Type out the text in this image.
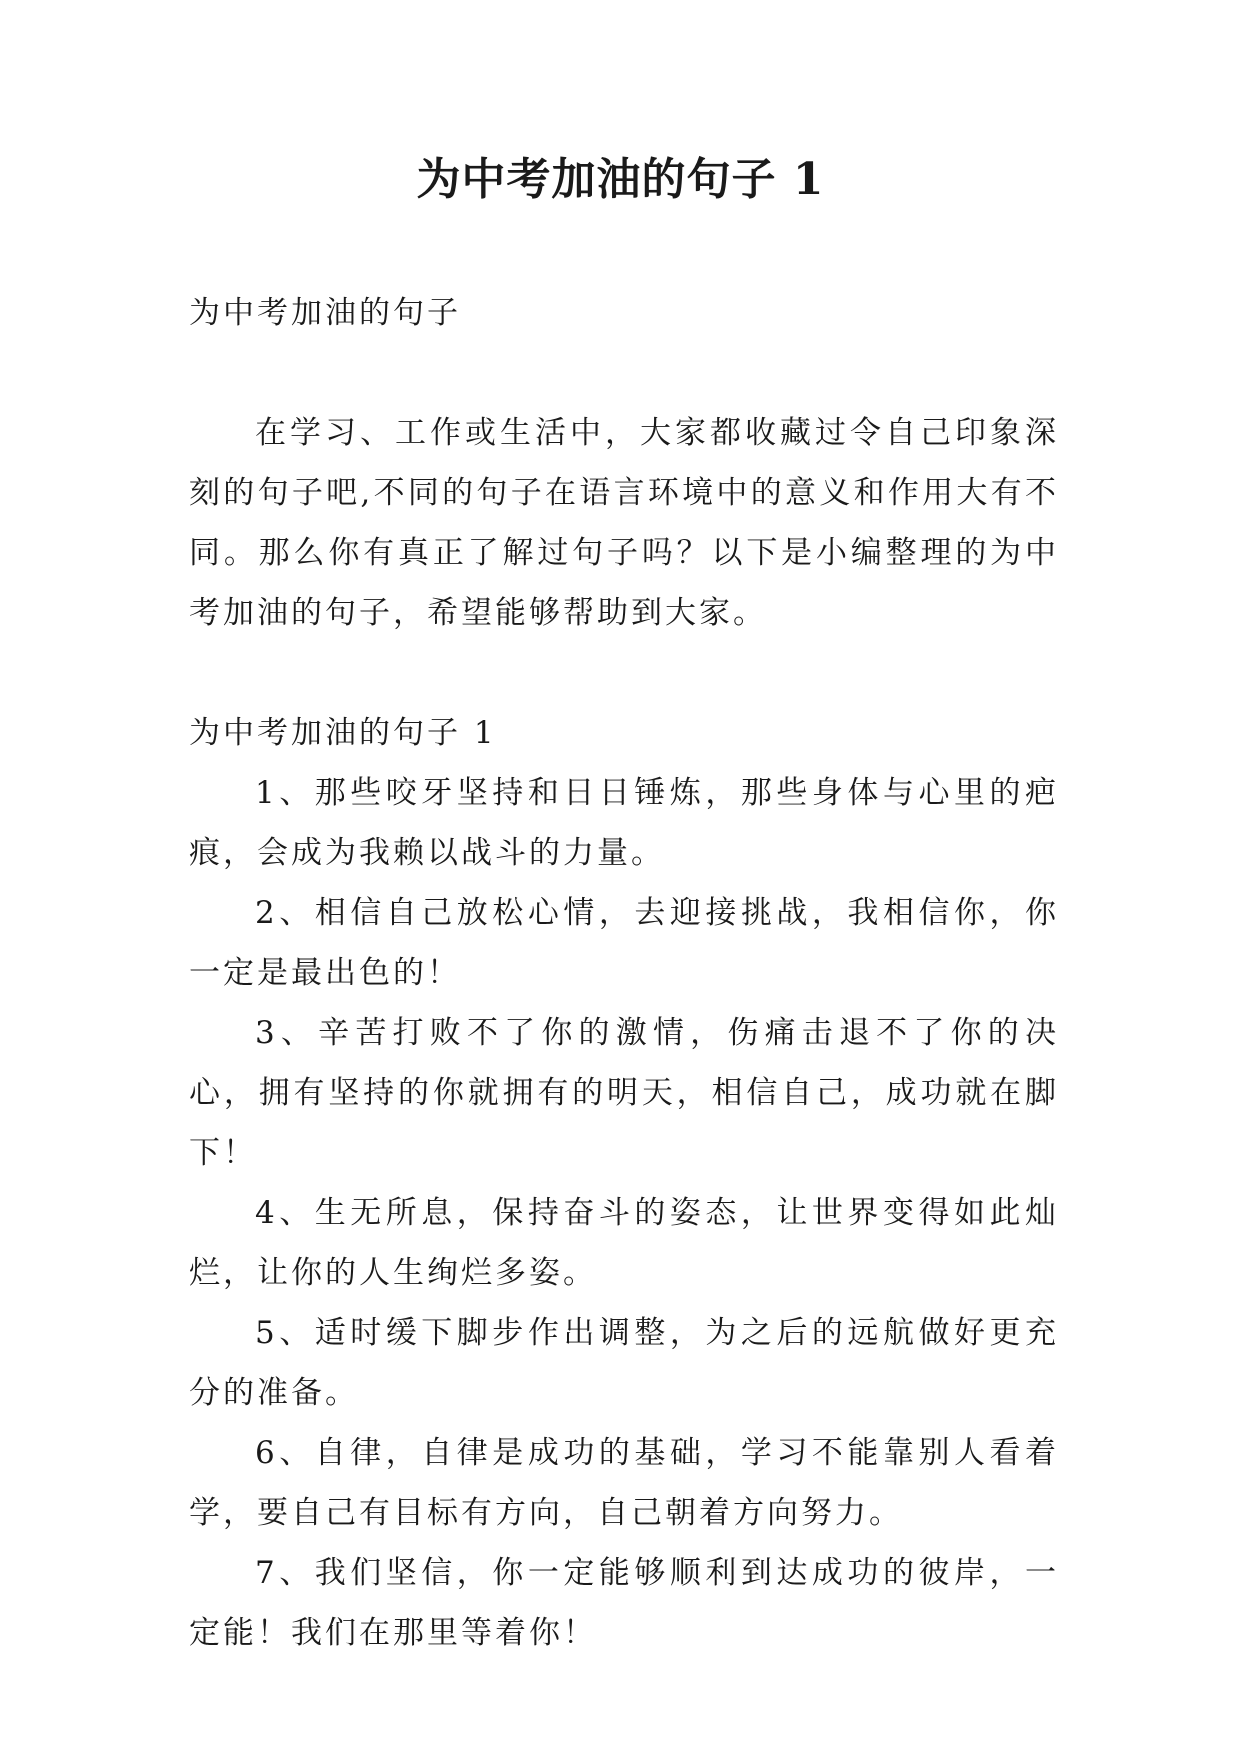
为中考加油的句子 1

为中考加油的句子

在学习、工作或生活中，大家都收藏过令自己印象深刻的句子吧,不同的句子在语言环境中的意义和作用大有不同。那么你有真正了解过句子吗？以下是小编整理的为中考加油的句子，希望能够帮助到大家。

为中考加油的句子 1

1、那些咬牙坚持和日日锤炼，那些身体与心里的疤痕，会成为我赖以战斗的力量。

2、相信自己放松心情，去迎接挑战，我相信你，你一定是最出色的！

3、辛苦打败不了你的激情，伤痛击退不了你的决心，拥有坚持的你就拥有的明天，相信自己，成功就在脚下！

4、生无所息，保持奋斗的姿态，让世界变得如此灿烂，让你的人生绚烂多姿。

5、适时缓下脚步作出调整，为之后的远航做好更充分的准备。

6、自律，自律是成功的基础，学习不能靠别人看着学，要自己有目标有方向，自己朝着方向努力。

7、我们坚信，你一定能够顺利到达成功的彼岸，一定能！我们在那里等着你！
